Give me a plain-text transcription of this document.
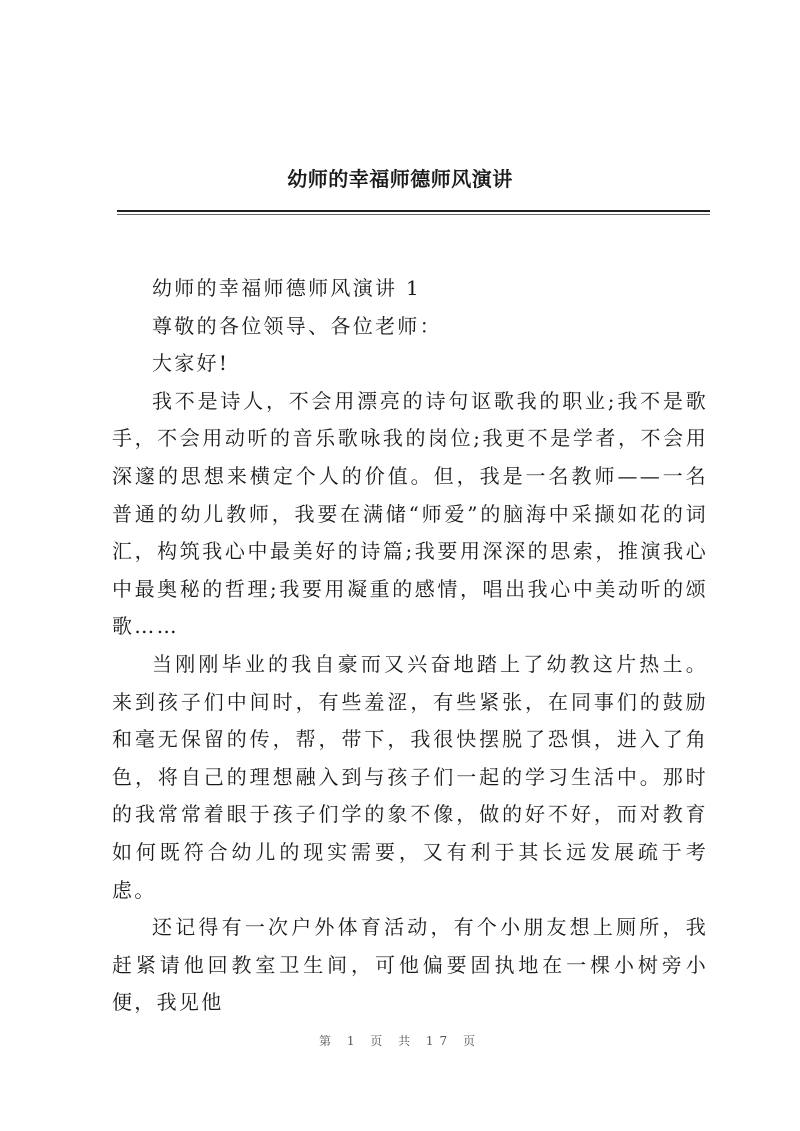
幼师的幸福师德师风演讲

幼师的幸福师德师风演讲 1

尊敬的各位领导、各位老师：

大家好!

我不是诗人，不会用漂亮的诗句讴歌我的职业;我不是歌手，不会用动听的音乐歌咏我的岗位;我更不是学者，不会用深邃的思想来横定个人的价值。但，我是一名教师——一名普通的幼儿教师，我要在满储“师爱”的脑海中采撷如花的词汇，构筑我心中最美好的诗篇;我要用深深的思索，推演我心中最奥秘的哲理;我要用凝重的感情，唱出我心中美动听的颂歌……

当刚刚毕业的我自豪而又兴奋地踏上了幼教这片热土。来到孩子们中间时，有些羞涩，有些紧张，在同事们的鼓励和毫无保留的传，帮，带下，我很快摆脱了恐惧，进入了角色，将自己的理想融入到与孩子们一起的学习生活中。那时的我常常着眼于孩子们学的象不像，做的好不好，而对教育如何既符合幼儿的现实需要，又有利于其长远发展疏于考虑。

还记得有一次户外体育活动，有个小朋友想上厕所，我赶紧请他回教室卫生间，可他偏要固执地在一棵小树旁小便，我见他

第 1 页 共 17 页
